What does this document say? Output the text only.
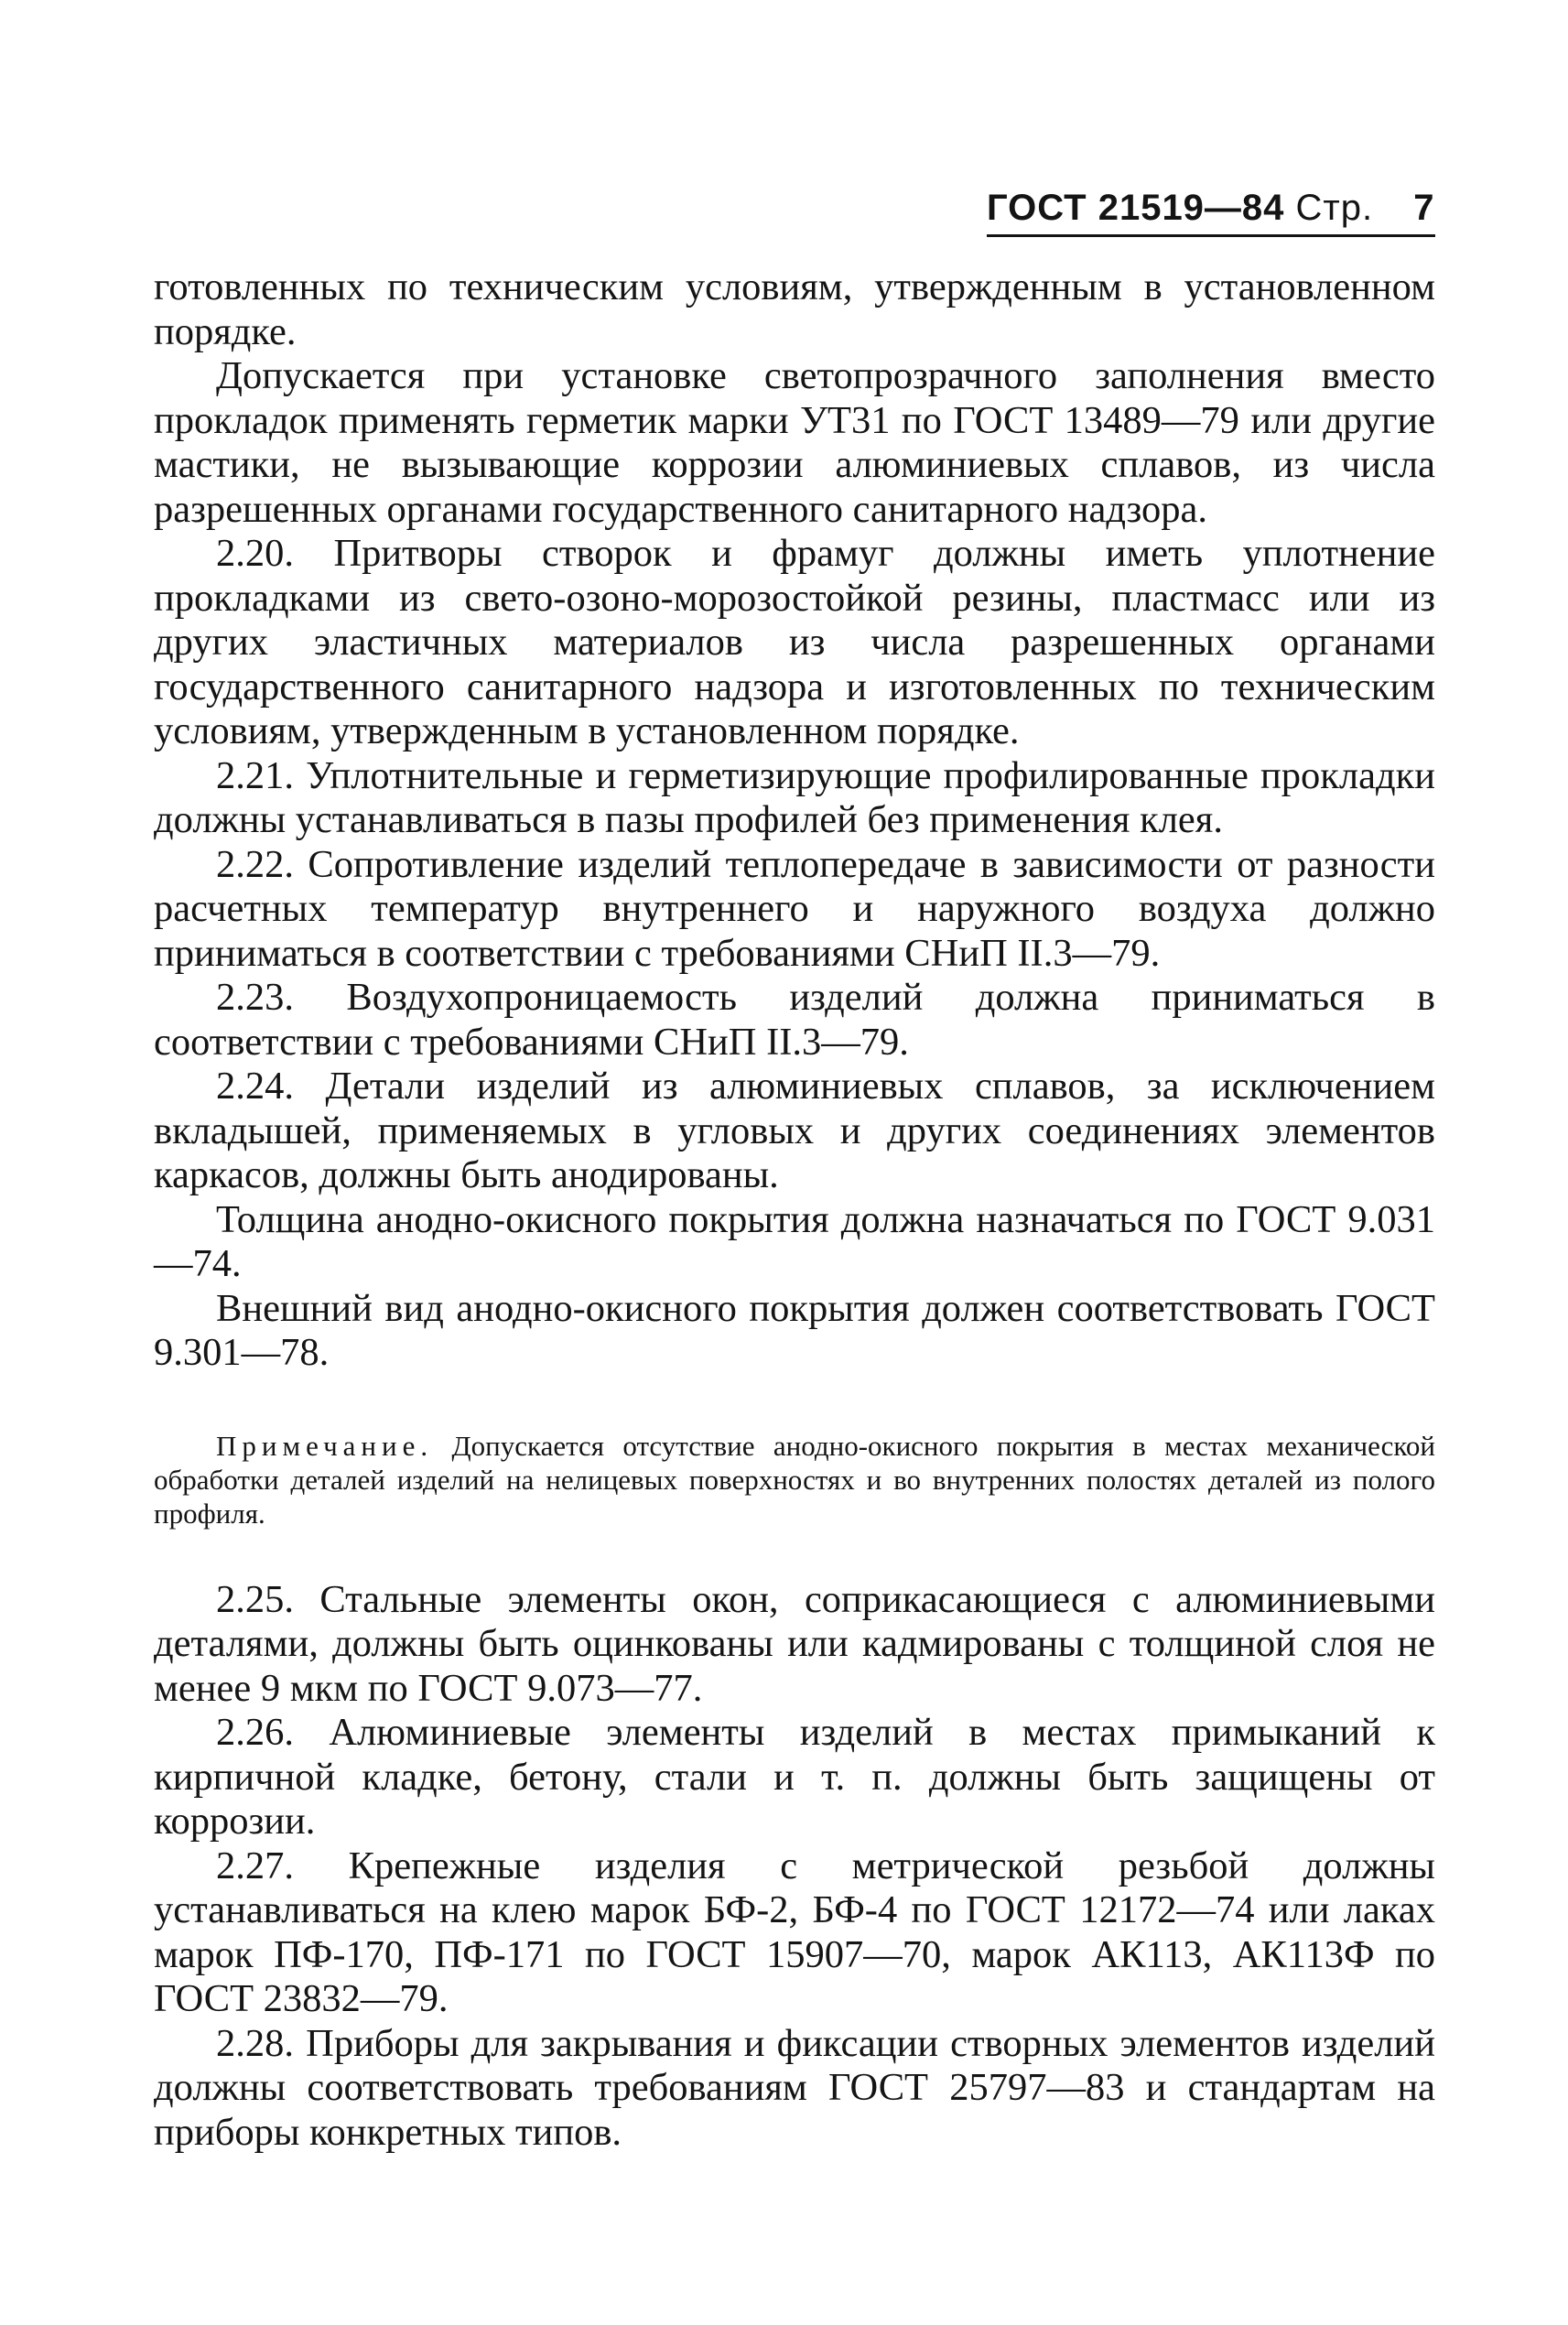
ГОСТ 21519—84 Стр. 7

готовленных по техническим условиям, утвержденным в установленном порядке.

Допускается при установке светопрозрачного заполнения вместо прокладок применять герметик марки УТ31 по ГОСТ 13489—79 или другие мастики, не вызывающие коррозии алюминиевых сплавов, из числа разрешенных органами государственного санитарного надзора.

2.20. Притворы створок и фрамуг должны иметь уплотнение прокладками из свето-озоно-морозостойкой резины, пластмасс или из других эластичных материалов из числа разрешенных органами государственного санитарного надзора и изготовленных по техническим условиям, утвержденным в установленном порядке.

2.21. Уплотнительные и герметизирующие профилированные прокладки должны устанавливаться в пазы профилей без применения клея.

2.22. Сопротивление изделий теплопередаче в зависимости от разности расчетных температур внутреннего и наружного воздуха должно приниматься в соответствии с требованиями СНиП II.3—79.

2.23. Воздухопроницаемость изделий должна приниматься в соответствии с требованиями СНиП II.3—79.

2.24. Детали изделий из алюминиевых сплавов, за исключением вкладышей, применяемых в угловых и других соединениях элементов каркасов, должны быть анодированы.

Толщина анодно-окисного покрытия должна назначаться по ГОСТ 9.031—74.

Внешний вид анодно-окисного покрытия должен соответствовать ГОСТ 9.301—78.

Примечание. Допускается отсутствие анодно-окисного покрытия в местах механической обработки деталей изделий на нелицевых поверхностях и во внутренних полостях деталей из полого профиля.

2.25. Стальные элементы окон, соприкасающиеся с алюминиевыми деталями, должны быть оцинкованы или кадмированы с толщиной слоя не менее 9 мкм по ГОСТ 9.073—77.

2.26. Алюминиевые элементы изделий в местах примыканий к кирпичной кладке, бетону, стали и т. п. должны быть защищены от коррозии.

2.27. Крепежные изделия с метрической резьбой должны устанавливаться на клею марок БФ-2, БФ-4 по ГОСТ 12172—74 или лаках марок ПФ-170, ПФ-171 по ГОСТ 15907—70, марок АК113, АК113Ф по ГОСТ 23832—79.

2.28. Приборы для закрывания и фиксации створных элементов изделий должны соответствовать требованиям ГОСТ 25797—83 и стандартам на приборы конкретных типов.
